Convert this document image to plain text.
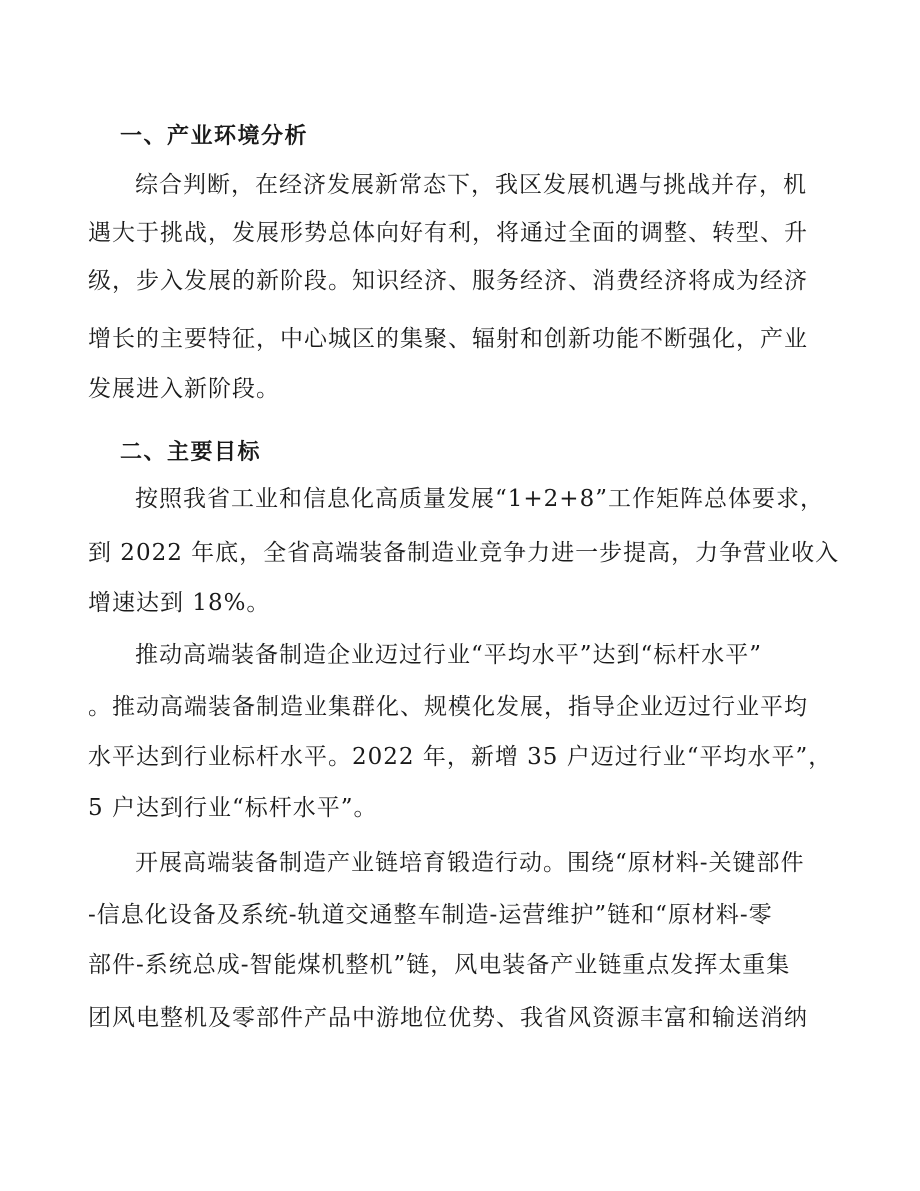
一、产业环境分析
综合判断，在经济发展新常态下，我区发展机遇与挑战并存，机
遇大于挑战，发展形势总体向好有利，将通过全面的调整、转型、升
级，步入发展的新阶段。知识经济、服务经济、消费经济将成为经济
增长的主要特征，中心城区的集聚、辐射和创新功能不断强化，产业
发展进入新阶段。
二、主要目标
按照我省工业和信息化高质量发展“1+2+8”工作矩阵总体要求，
到 2022 年底，全省高端装备制造业竞争力进一步提高，力争营业收入
增速达到 18%。
推动高端装备制造企业迈过行业“平均水平”达到“标杆水平”
。推动高端装备制造业集群化、规模化发展，指导企业迈过行业平均
水平达到行业标杆水平。2022 年，新增 35 户迈过行业“平均水平”，
5 户达到行业“标杆水平”。
开展高端装备制造产业链培育锻造行动。围绕“原材料-关键部件
-信息化设备及系统-轨道交通整车制造-运营维护”链和“原材料-零
部件-系统总成-智能煤机整机”链，风电装备产业链重点发挥太重集
团风电整机及零部件产品中游地位优势、我省风资源丰富和输送消纳
